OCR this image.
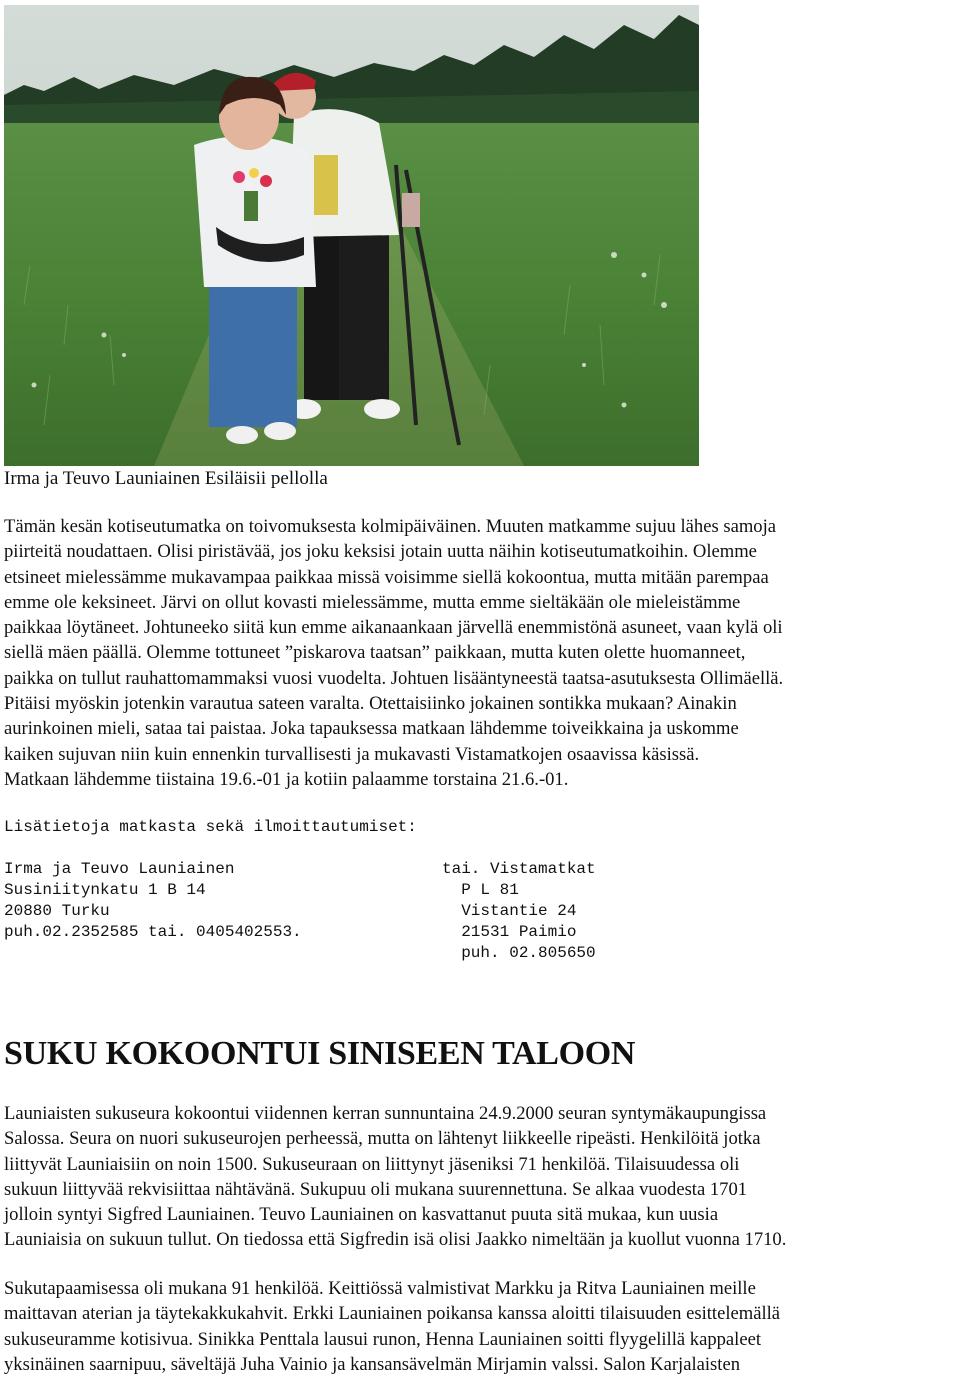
Irma ja Teuvo Launiainen Esiläisii pellolla

Tämän kesän kotiseutumatka on toivomuksesta kolmipäiväinen. Muuten matkamme sujuu lähes samoja

piirteitä noudattaen. Olisi piristävää, jos joku keksisi jotain uutta näihin kotiseutumatkoihin. Olemme

etsineet mielessämme mukavampaa paikkaa missä voisimme siellä kokoontua, mutta mitään parempaa

emme ole keksineet. Järvi on ollut kovasti mielessämme, mutta emme sieltäkään ole mieleistämme

paikkaa löytäneet. Johtuneeko siitä kun emme aikanaankaan järvellä enemmistönä asuneet, vaan kylä oli

siellä mäen päällä. Olemme tottuneet ”piskarova taatsan” paikkaan, mutta kuten olette huomanneet,

paikka on tullut rauhattomammaksi vuosi vuodelta. Johtuen lisääntyneestä taatsa-asutuksesta Ollimäellä.

Pitäisi myöskin jotenkin varautua sateen varalta. Otettaisiinko jokainen sontikka mukaan? Ainakin

aurinkoinen mieli, sataa tai paistaa. Joka tapauksessa matkaan lähdemme toiveikkaina ja uskomme

kaiken sujuvan niin kuin ennenkin turvallisesti ja mukavasti Vistamatkojen osaavissa käsissä.

Matkaan lähdemme tiistaina 19.6.-01 ja kotiin palaamme torstaina 21.6.-01.

Lisätietoja matkasta sekä ilmoittautumiset:
Irma ja Teuvo Launiainen
Susiniitynkatu 1 B 14
20880 Turku
puh.02.2352585 tai. 0405402553.
tai. Vistamatkat
P L 81
Vistantie 24
21531 Paimio
puh. 02.805650
SUKU KOKOONTUI SINISEEN TALOON

Launiaisten sukuseura kokoontui viidennen kerran sunnuntaina 24.9.2000 seuran syntymäkaupungissa

Salossa. Seura on nuori sukuseurojen perheessä, mutta on lähtenyt liikkeelle ripeästi. Henkilöitä jotka

liittyvät Launiaisiin on noin 1500. Sukuseuraan on liittynyt jäseniksi 71 henkilöä. Tilaisuudessa oli

sukuun liittyvää rekvisiittaa nähtävänä. Sukupuu oli mukana suurennettuna. Se alkaa vuodesta 1701

jolloin syntyi Sigfred Launiainen. Teuvo Launiainen on kasvattanut puuta sitä mukaa, kun uusia

Launiaisia on sukuun tullut. On tiedossa että Sigfredin isä olisi Jaakko nimeltään ja kuollut vuonna 1710.

Sukutapaamisessa oli mukana 91 henkilöä. Keittiössä valmistivat Markku ja Ritva Launiainen meille

maittavan aterian ja täytekakkukahvit. Erkki Launiainen poikansa kanssa aloitti tilaisuuden esittelemällä

sukuseuramme kotisivua. Sinikka Penttala lausui runon, Henna Launiainen soitti flyygelillä kappaleet

yksinäinen saarnipuu, säveltäjä Juha Vainio ja kansansävelmän Mirjamin valssi. Salon Karjalaisten
